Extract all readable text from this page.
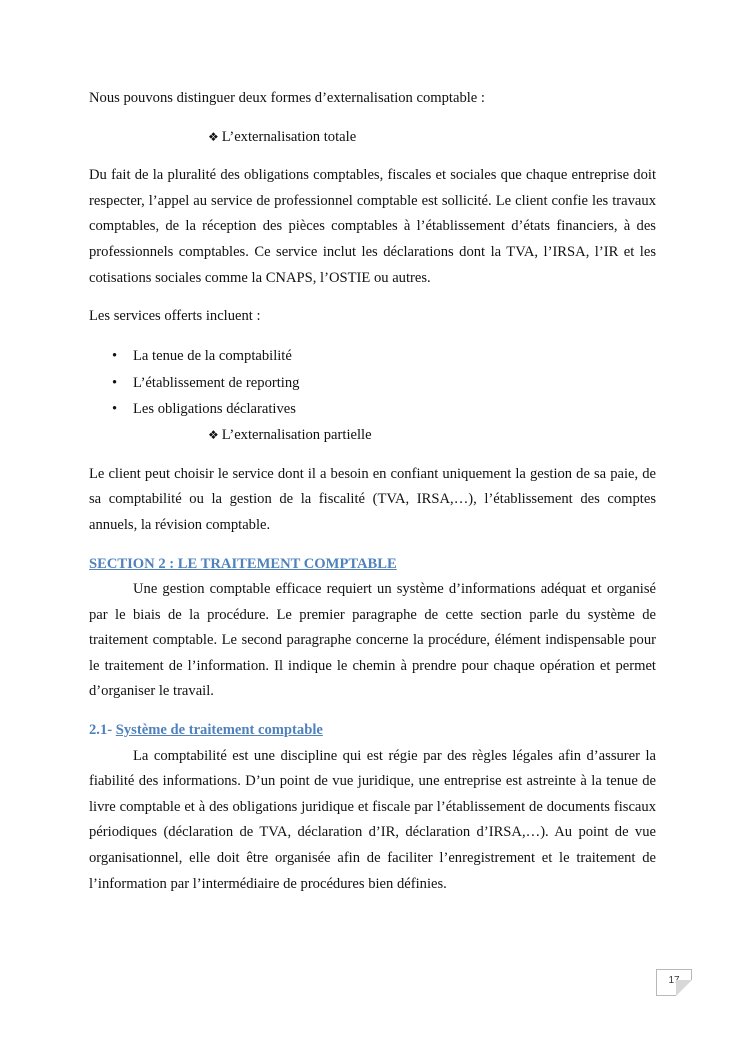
Nous pouvons distinguer deux formes d’externalisation comptable :

❖ L’externalisation totale

Du fait de la pluralité des obligations comptables, fiscales et sociales que chaque entreprise doit respecter, l’appel au service de professionnel comptable est sollicité. Le client confie les travaux comptables, de la réception des pièces comptables à l’établissement d’états financiers, à des professionnels comptables. Ce service inclut les déclarations dont la TVA, l’IRSA, l’IR et les cotisations sociales comme la CNAPS, l’OSTIE ou autres.

Les services offerts incluent :

• La tenue de la comptabilité
• L’établissement de reporting
• Les obligations déclaratives
❖ L’externalisation partielle

Le client peut choisir le service dont il a besoin en confiant uniquement la gestion de sa paie, de sa comptabilité ou la gestion de la fiscalité (TVA, IRSA,…), l’établissement des comptes annuels, la révision comptable.

SECTION 2 : LE TRAITEMENT COMPTABLE

Une gestion comptable efficace requiert un système d’informations adéquat et organisé par le biais de la procédure. Le premier paragraphe de cette section parle du système de traitement comptable. Le second paragraphe concerne la procédure, élément indispensable pour le traitement de l’information. Il indique le chemin à prendre pour chaque opération et permet d’organiser le travail.

2.1- Système de traitement comptable

La comptabilité est une discipline qui est régie par des règles légales afin d’assurer la fiabilité des informations. D’un point de vue juridique, une entreprise est astreinte à la tenue de livre comptable et à des obligations juridique et fiscale par l’établissement de documents fiscaux périodiques (déclaration de TVA, déclaration d’IR, déclaration d’IRSA,…). Au point de vue organisationnel, elle doit être organisée afin de faciliter l’enregistrement et le traitement de l’information par l’intermédiaire de procédures bien définies.

17
